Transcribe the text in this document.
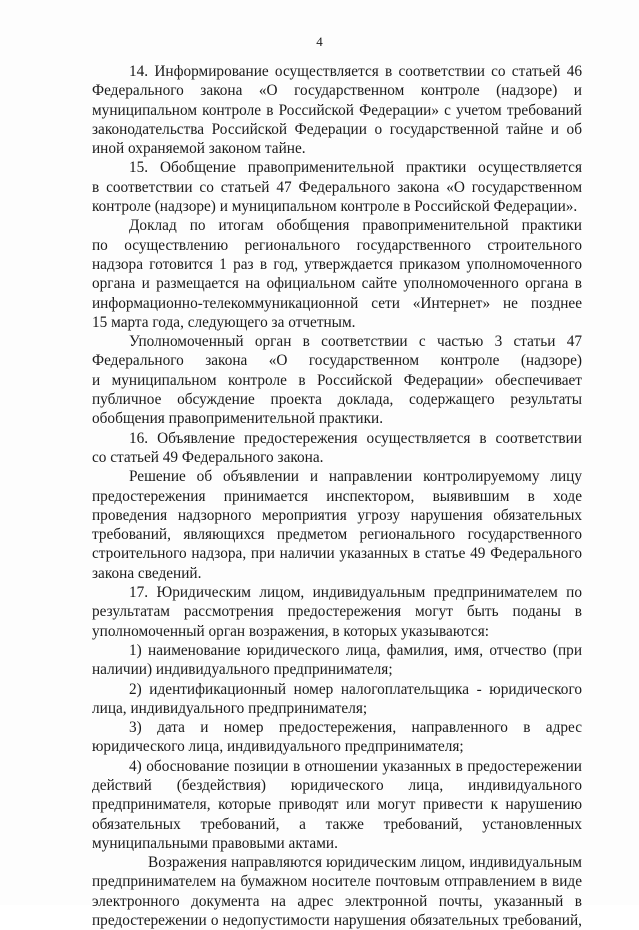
4

14. Информирование осуществляется в соответствии со статьей 46

Федерального закона «О государственном контроле (надзоре) и

муниципальном контроле в Российской Федерации» с учетом требований

законодательства Российской Федерации о государственной тайне и об

иной охраняемой законом тайне.

15. Обобщение правоприменительной практики осуществляется

в соответствии со статьей 47 Федерального закона «О государственном

контроле (надзоре) и муниципальном контроле в Российской Федерации».

Доклад по итогам обобщения правоприменительной практики

по осуществлению регионального государственного строительного

надзора готовится 1 раз в год, утверждается приказом уполномоченного

органа и размещается на официальном сайте уполномоченного органа в

информационно-телекоммуникационной сети «Интернет» не позднее

15 марта года, следующего за отчетным.

Уполномоченный орган в соответствии с частью 3 статьи 47

Федерального закона «О государственном контроле (надзоре)

и муниципальном контроле в Российской Федерации» обеспечивает

публичное обсуждение проекта доклада, содержащего результаты

обобщения правоприменительной практики.

16. Объявление предостережения осуществляется в соответствии

со статьей 49 Федерального закона.

Решение об объявлении и направлении контролируемому лицу

предостережения принимается инспектором, выявившим в ходе

проведения надзорного мероприятия угрозу нарушения обязательных

требований, являющихся предметом регионального государственного

строительного надзора, при наличии указанных в статье 49 Федерального

закона сведений.

17. Юридическим лицом, индивидуальным предпринимателем по

результатам рассмотрения предостережения могут быть поданы в

уполномоченный орган возражения, в которых указываются:

1) наименование юридического лица, фамилия, имя, отчество (при

наличии) индивидуального предпринимателя;

2) идентификационный номер налогоплательщика - юридического

лица, индивидуального предпринимателя;

3) дата и номер предостережения, направленного в адрес

юридического лица, индивидуального предпринимателя;

4) обоснование позиции в отношении указанных в предостережении

действий (бездействия) юридического лица, индивидуального

предпринимателя, которые приводят или могут привести к нарушению

обязательных требований, а также требований, установленных

муниципальными правовыми актами.

Возражения направляются юридическим лицом, индивидуальным

предпринимателем на бумажном носителе почтовым отправлением в виде

электронного документа на адрес электронной почты, указанный в

предостережении о недопустимости нарушения обязательных требований,
